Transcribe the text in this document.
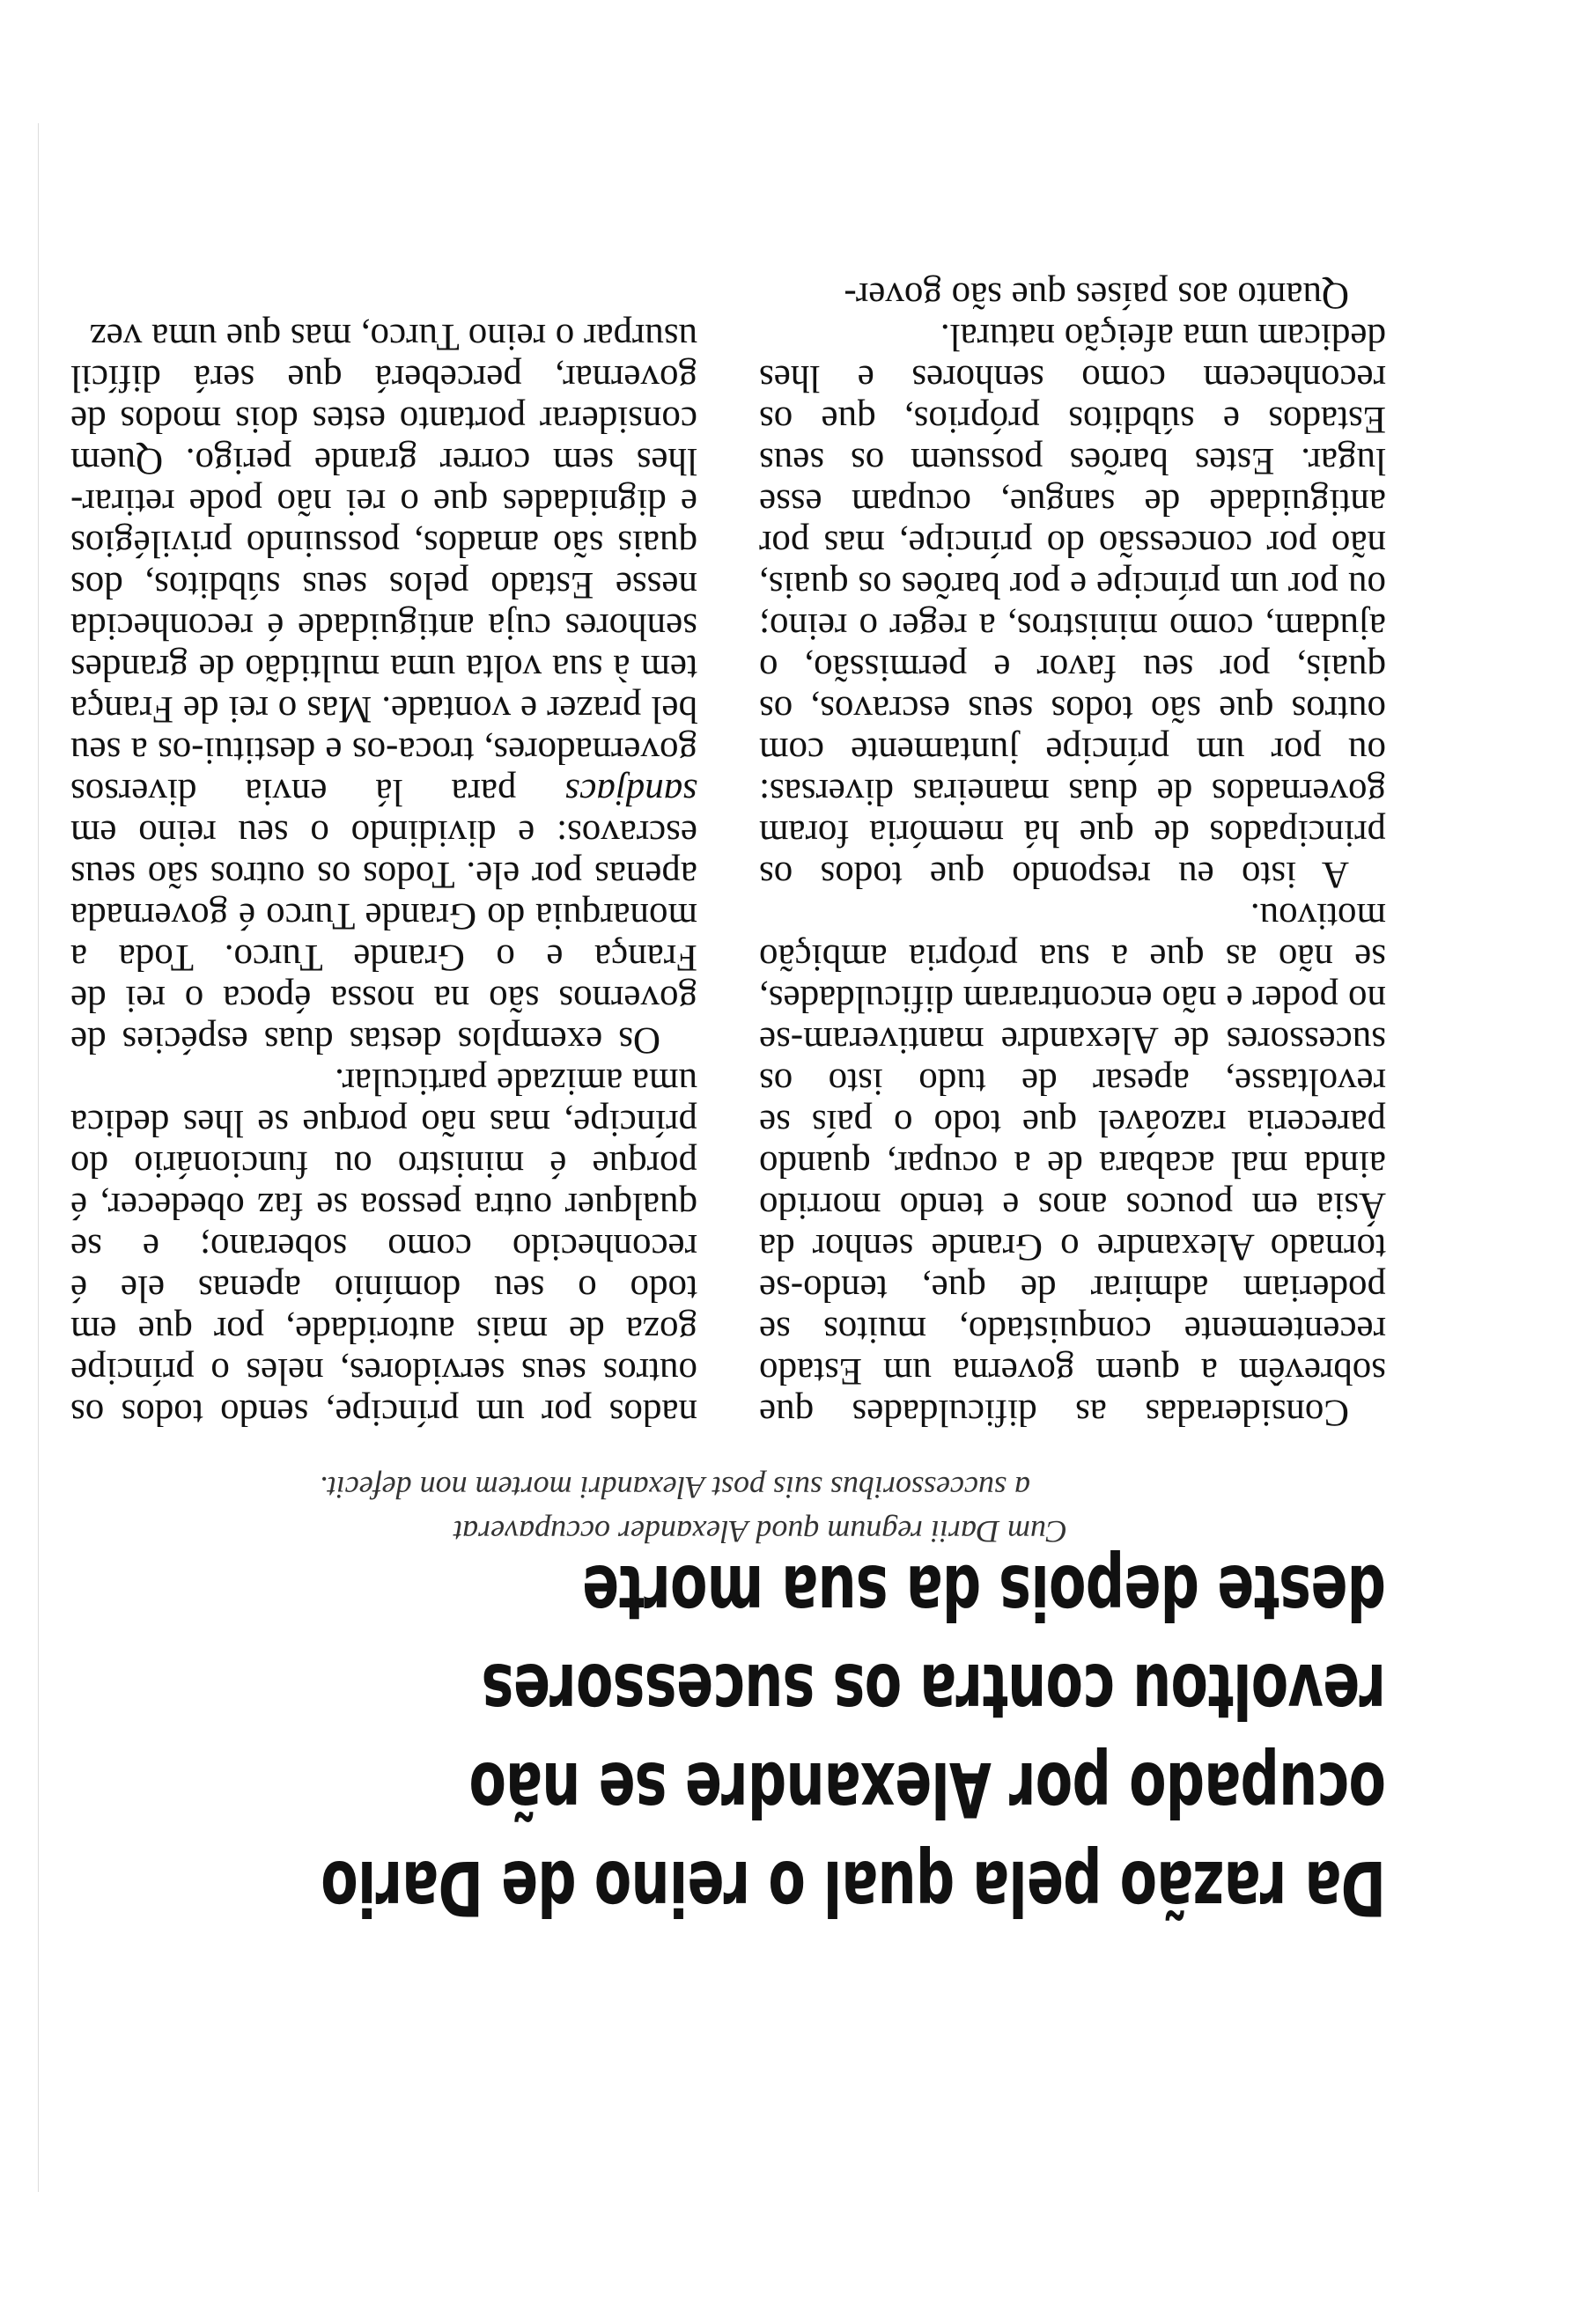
Da razão pela qual o reino de Dario
ocupado por Alexandre se não
revoltou contra os sucessores
deste depois da sua morte
Cum Darii regnum quod Alexander occupaverat
a successoribus suis post Alexandri mortem non defecit.

Consideradas as dificuldades que sobrevêm a quem governa um Estado recentemente conquistado, muitos se poderiam admirar de que, tendo-se tornado Alexandre o Grande senhor da Ásia em poucos anos e tendo morrido ainda mal acabara de a ocupar, quando pareceria razoável que todo o país se revoltasse, apesar de tudo isto os sucessores de Alexandre mantiveram-se no poder e não encontraram dificuldades, se não as que a sua própria ambição motivou.

A isto eu respondo que todos os principados de que há memória foram governados de duas maneiras diversas: ou por um príncipe juntamente com outros que são todos seus escravos, os quais, por seu favor e permissão, o ajudam, como ministros, a reger o reino; ou por um príncipe e por barões os quais, não por concessão do príncipe, mas por antiguidade de sangue, ocupam esse lugar. Estes barões possuem os seus Estados e súbditos próprios, que os reconhecem como senhores e lhes dedicam uma afeição natural.

Quanto aos países que são gover-

nados por um príncipe, sendo todos os outros seus servidores, neles o príncipe goza de mais autoridade, por que em todo o seu domínio apenas ele é reconhecido como soberano; e se qualquer outra pessoa se faz obedecer, é porque é ministro ou funcionário do príncipe, mas não porque se lhes dedica uma amizade particular.

Os exemplos destas duas espécies de governos são na nossa época o rei de França e o Grande Turco. Toda a monarquia do Grande Turco é governada apenas por ele. Todos os outros são seus escravos: e dividindo o seu reino em sandjacs para lá envia diversos governadores, troca-os e destitui-os a seu bel prazer e vontade. Mas o rei de França tem à sua volta uma multidão de grandes senhores cuja antiguidade é reconhecida nesse Estado pelos seus súbditos, dos quais são amados, possuindo privilégios e dignidades que o rei não pode retirar-lhes sem correr grande perigo. Quem considerar portanto estes dois modos de governar, perceberá que será difícil usurpar o reino Turco, mas que uma vez
